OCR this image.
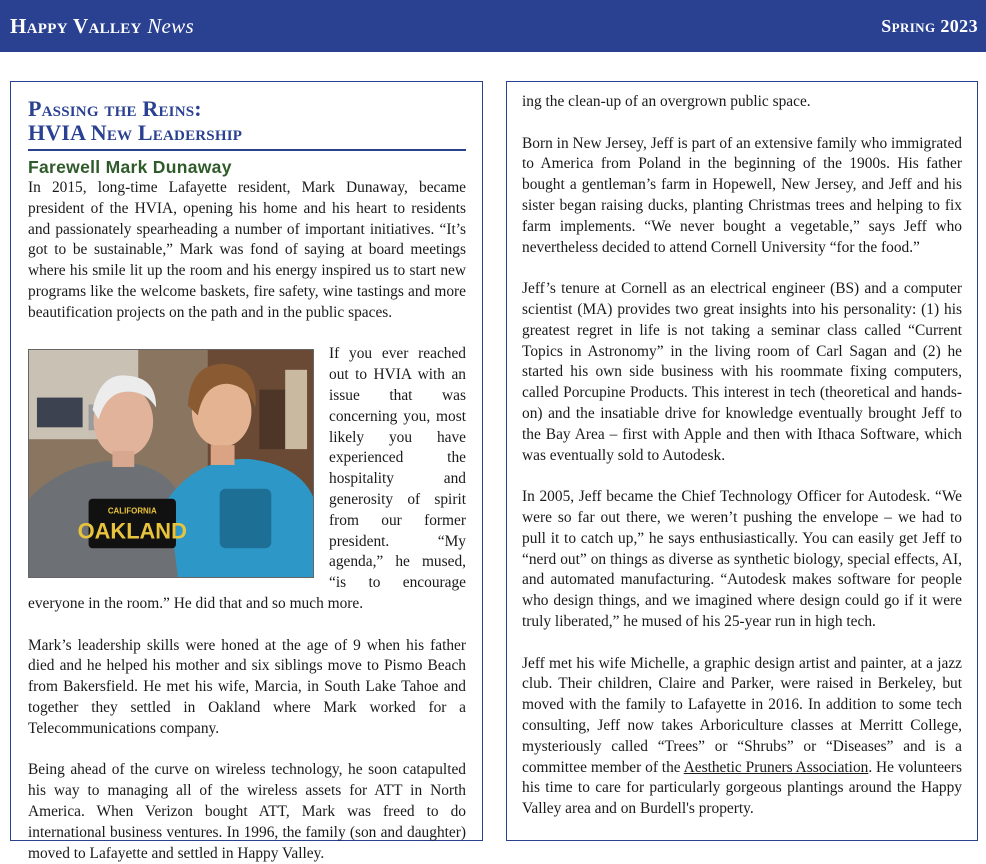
Happy Valley News	Spring 2023
Passing the Reins:
HVIA New Leadership
Farewell Mark Dunaway
In 2015, long-time Lafayette resident, Mark Dunaway, became president of the HVIA, opening his home and his heart to residents and passionately spearheading a number of important initiatives. “It’s got to be sustainable,” Mark was fond of saying at board meetings where his smile lit up the room and his energy inspired us to start new programs like the welcome baskets, fire safety, wine tastings and more beautification projects on the path and in the public spaces.
CALIFORNIA
OAKLAND
If you ever reached out to HVIA with an issue that was concerning you, most likely you have experienced the hospitality and generosity of spirit from our former president. “My agenda,” he mused, “is to encourage everyone in the room.” He did that and so much more.
Mark’s leadership skills were honed at the age of 9 when his father died and he helped his mother and six siblings move to Pismo Beach from Bakersfield. He met his wife, Marcia, in South Lake Tahoe and together they settled in Oakland where Mark worked for a Telecommunications company.
Being ahead of the curve on wireless technology, he soon catapulted his way to managing all of the wireless assets for ATT in North America. When Verizon bought ATT, Mark was freed to do international business ventures. In 1996, the family (son and daughter) moved to Lafayette and settled in Happy Valley.
ing the clean-up of an overgrown public space.
Born in New Jersey, Jeff is part of an extensive family who immigrated to America from Poland in the beginning of the 1900s. His father bought a gentleman’s farm in Hopewell, New Jersey, and Jeff and his sister began raising ducks, planting Christmas trees and helping to fix farm implements. “We never bought a vegetable,” says Jeff who nevertheless decided to attend Cornell University “for the food.”
Jeff’s tenure at Cornell as an electrical engineer (BS) and a computer scientist (MA) provides two great insights into his personality: (1) his greatest regret in life is not taking a seminar class called “Current Topics in Astronomy” in the living room of Carl Sagan and (2) he started his own side business with his roommate fixing computers, called Porcupine Products. This interest in tech (theoretical and hands-on) and the insatiable drive for knowledge eventually brought Jeff to the Bay Area – first with Apple and then with Ithaca Software, which was eventually sold to Autodesk.
In 2005, Jeff became the Chief Technology Officer for Autodesk. “We were so far out there, we weren’t pushing the envelope – we had to pull it to catch up,” he says enthusiastically. You can easily get Jeff to “nerd out” on things as diverse as synthetic biology, special effects, AI, and automated manufacturing. “Autodesk makes software for people who design things, and we imagined where design could go if it were truly liberated,” he mused of his 25-year run in high tech.
Jeff met his wife Michelle, a graphic design artist and painter, at a jazz club. Their children, Claire and Parker, were raised in Berkeley, but moved with the family to Lafayette in 2016. In addition to some tech consulting, Jeff now takes Arboriculture classes at Merritt College, mysteriously called “Trees” or “Shrubs” or “Diseases” and is a committee member of the Aesthetic Pruners Association. He volunteers his time to care for particularly gorgeous plantings around the Happy Valley area and on Burdell's property.
